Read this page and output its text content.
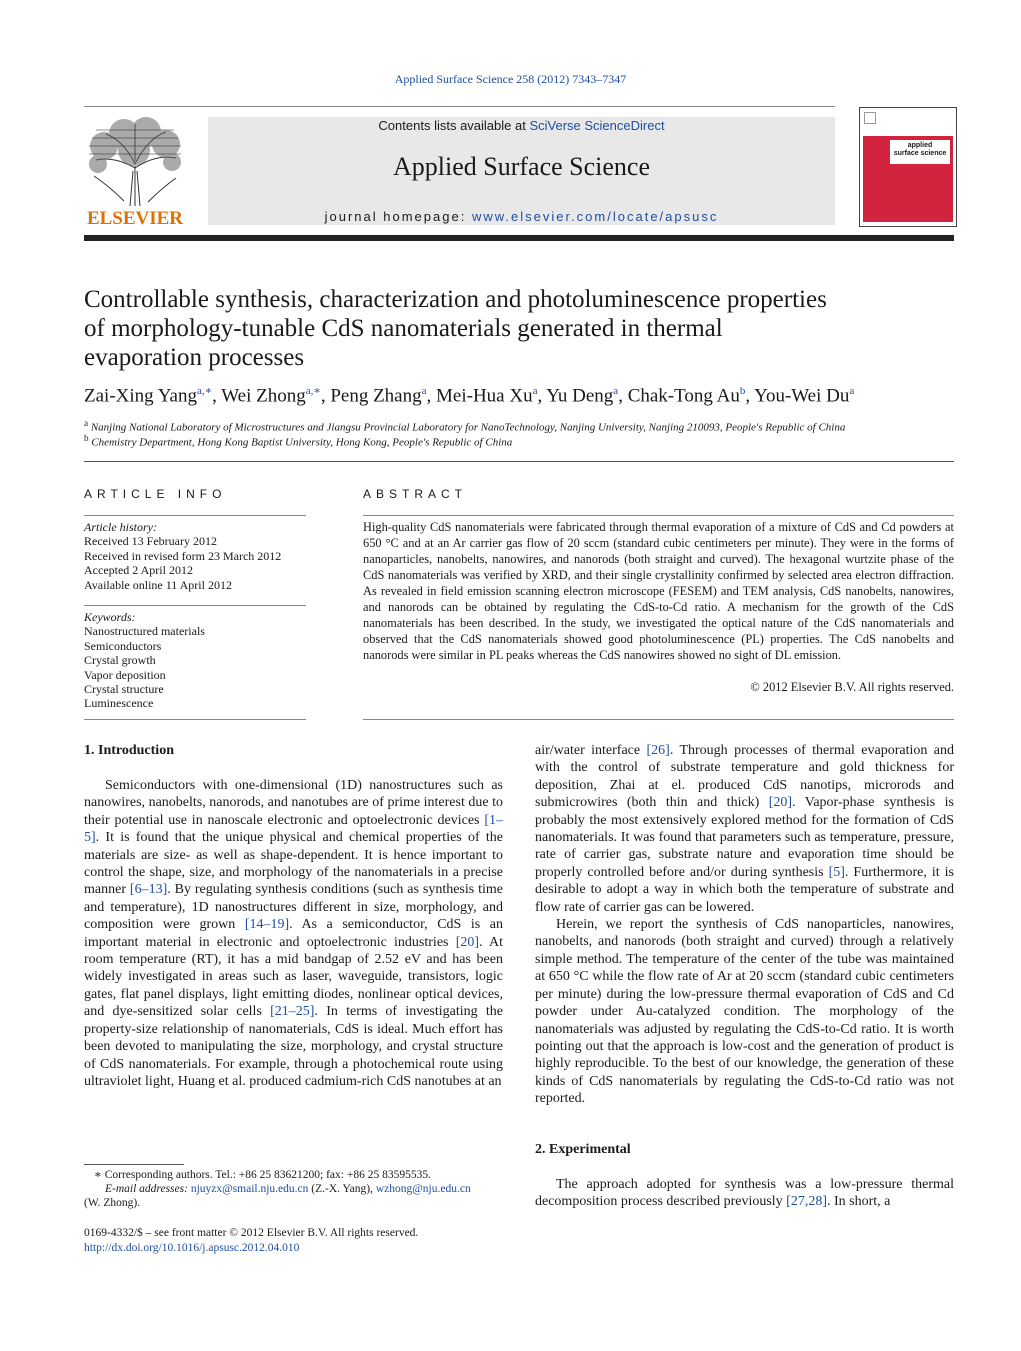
Applied Surface Science 258 (2012) 7343–7347
ELSEVIER
Contents lists available at SciVerse ScienceDirect
Applied Surface Science
journal homepage: www.elsevier.com/locate/apsusc
applied
surface science
Controllable synthesis, characterization and photoluminescence properties
of morphology-tunable CdS nanomaterials generated in thermal
evaporation processes
Zai-Xing Yang$^{a,∗}$, Wei Zhong$^{a,∗}$, Peng Zhang$^a$, Mei-Hua Xu$^a$, Yu Deng$^a$, Chak-Tong Au$^b$, You-Wei Du$^a$
$^a$ Nanjing National Laboratory of Microstructures and Jiangsu Provincial Laboratory for NanoTechnology, Nanjing University, Nanjing 210093, People's Republic of China
$^b$ Chemistry Department, Hong Kong Baptist University, Hong Kong, People's Republic of China
ARTICLE INFO
Article history:
Received 13 February 2012
Received in revised form 23 March 2012
Accepted 2 April 2012
Available online 11 April 2012
Keywords:
Nanostructured materials
Semiconductors
Crystal growth
Vapor deposition
Crystal structure
Luminescence
ABSTRACT
High-quality CdS nanomaterials were fabricated through thermal evaporation of a mixture of CdS and Cd powders at 650 °C and at an Ar carrier gas flow of 20 sccm (standard cubic centimeters per minute). They were in the forms of nanoparticles, nanobelts, nanowires, and nanorods (both straight and curved). The hexagonal wurtzite phase of the CdS nanomaterials was verified by XRD, and their single crystallinity confirmed by selected area electron diffraction. As revealed in field emission scanning electron microscope (FESEM) and TEM analysis, CdS nanobelts, nanowires, and nanorods can be obtained by regulating the CdS-to-Cd ratio. A mechanism for the growth of the CdS nanomaterials has been described. In the study, we investigated the optical nature of the CdS nanomaterials and observed that the CdS nanomaterials showed good photoluminescence (PL) properties. The CdS nanobelts and nanorods were similar in PL peaks whereas the CdS nanowires showed no sight of DL emission.
© 2012 Elsevier B.V. All rights reserved.
1. Introduction

Semiconductors with one-dimensional (1D) nanostructures such as nanowires, nanobelts, nanorods, and nanotubes are of prime interest due to their potential use in nanoscale electronic and optoelectronic devices [1–5]. It is found that the unique physical and chemical properties of the materials are size- as well as shape-dependent. It is hence important to control the shape, size, and morphology of the nanomaterials in a precise manner [6–13]. By regulating synthesis conditions (such as synthesis time and temperature), 1D nanostructures different in size, morphology, and composition were grown [14–19]. As a semiconductor, CdS is an important material in electronic and optoelectronic industries [20]. At room temperature (RT), it has a mid bandgap of 2.52 eV and has been widely investigated in areas such as laser, waveguide, transistors, logic gates, flat panel displays, light emitting diodes, nonlinear optical devices, and dye-sensitized solar cells [21–25]. In terms of investigating the property-size relationship of nanomaterials, CdS is ideal. Much effort has been devoted to manipulating the size, morphology, and crystal structure of CdS nanomaterials. For example, through a photochemical route using ultraviolet light, Huang et al. produced cadmium-rich CdS nanotubes at an

∗ Corresponding authors. Tel.: +86 25 83621200; fax: +86 25 83595535.
E-mail addresses: njuyzx@smail.nju.edu.cn (Z.-X. Yang), wzhong@nju.edu.cn
(W. Zhong).
0169-4332/$ – see front matter © 2012 Elsevier B.V. All rights reserved.
http://dx.doi.org/10.1016/j.apsusc.2012.04.010

air/water interface [26]. Through processes of thermal evaporation and with the control of substrate temperature and gold thickness for deposition, Zhai at el. produced CdS nanotips, microrods and submicrowires (both thin and thick) [20]. Vapor-phase synthesis is probably the most extensively explored method for the formation of CdS nanomaterials. It was found that parameters such as temperature, pressure, rate of carrier gas, substrate nature and evaporation time should be properly controlled before and/or during synthesis [5]. Furthermore, it is desirable to adopt a way in which both the temperature of substrate and flow rate of carrier gas can be lowered.

Herein, we report the synthesis of CdS nanoparticles, nanowires, nanobelts, and nanorods (both straight and curved) through a relatively simple method. The temperature of the center of the tube was maintained at 650 °C while the flow rate of Ar at 20 sccm (standard cubic centimeters per minute) during the low-pressure thermal evaporation of CdS and Cd powder under Au-catalyzed condition. The morphology of the nanomaterials was adjusted by regulating the CdS-to-Cd ratio. It is worth pointing out that the approach is low-cost and the generation of product is highly reproducible. To the best of our knowledge, the generation of these kinds of CdS nanomaterials by regulating the CdS-to-Cd ratio was not reported.

2. Experimental

The approach adopted for synthesis was a low-pressure thermal decomposition process described previously [27,28]. In short, a
